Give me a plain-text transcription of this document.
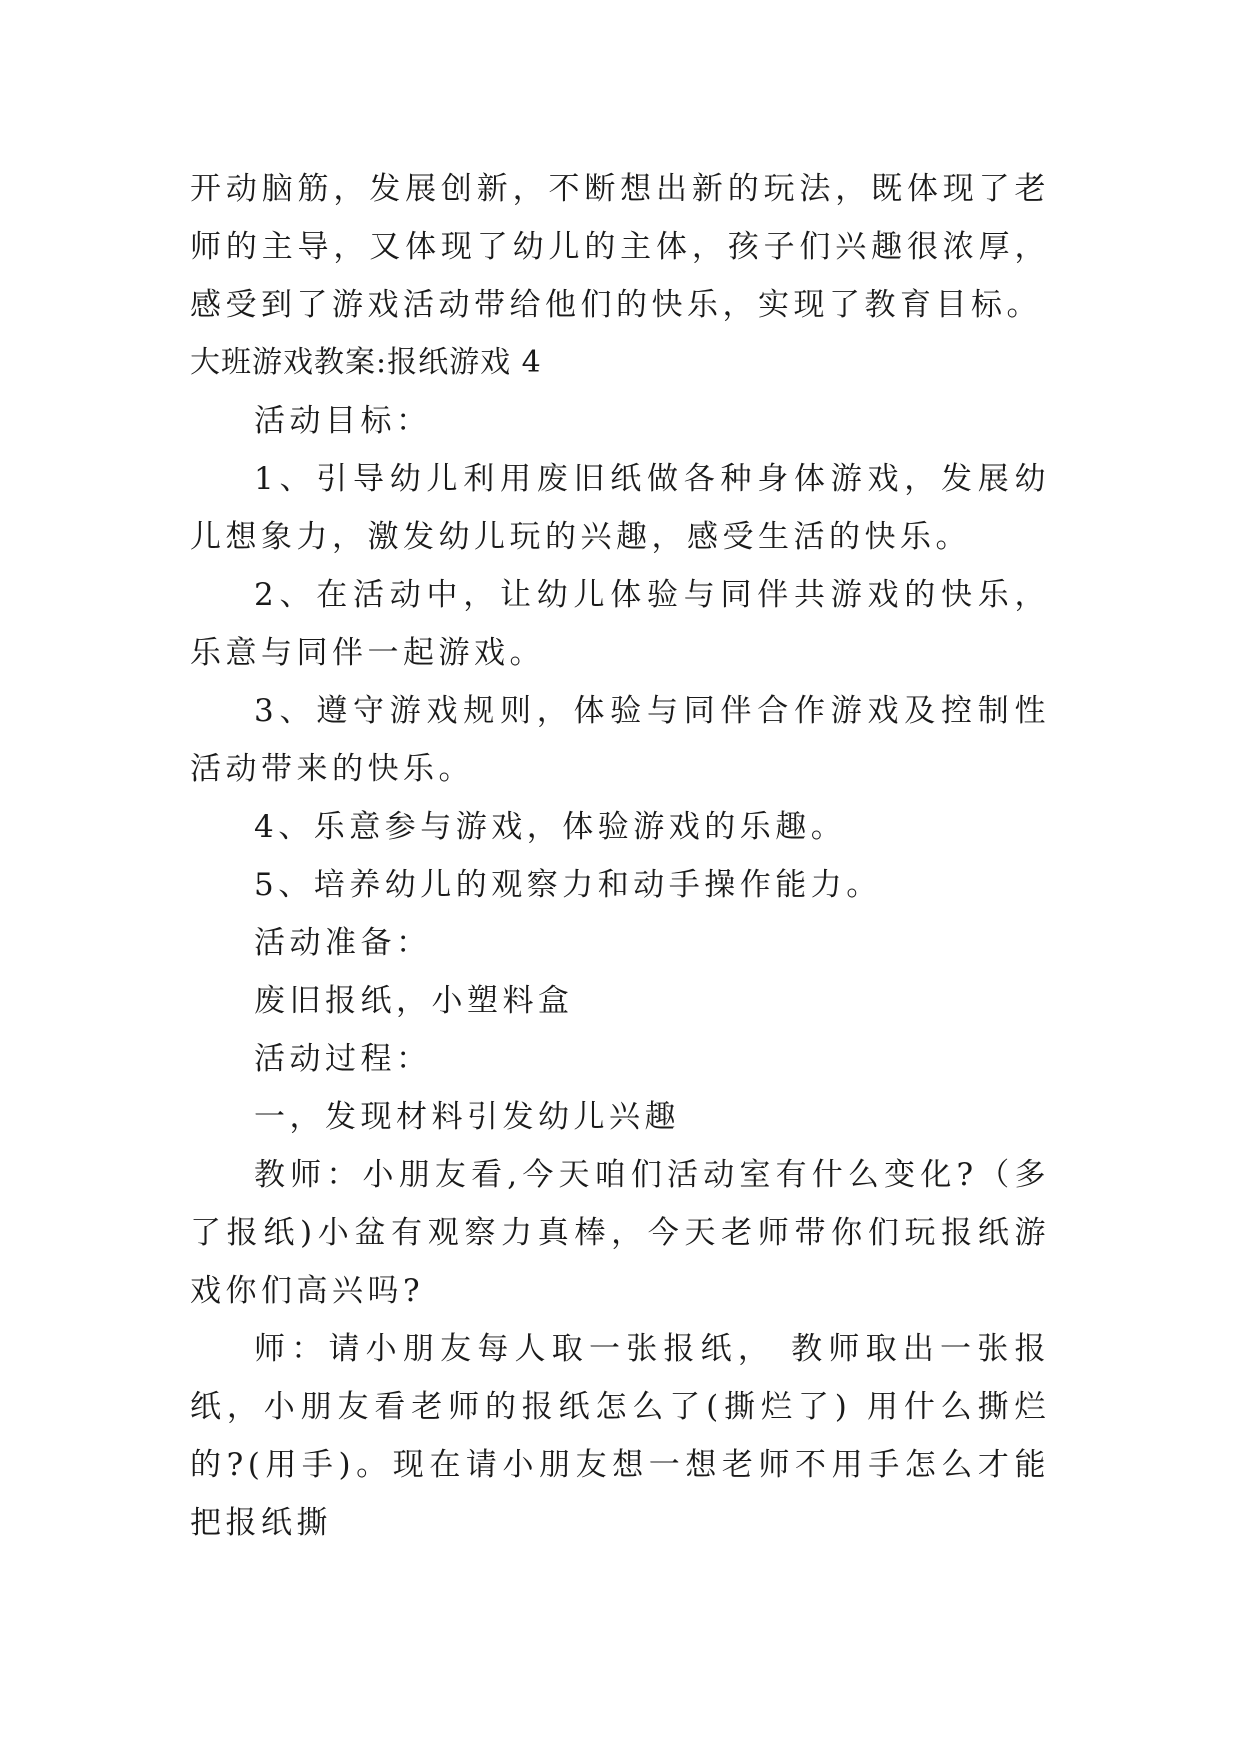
开动脑筋，发展创新，不断想出新的玩法，既体现了老师的主导，又体现了幼儿的主体，孩子们兴趣很浓厚，感受到了游戏活动带给他们的快乐，实现了教育目标。

大班游戏教案:报纸游戏 4

活动目标：

1、引导幼儿利用废旧纸做各种身体游戏，发展幼儿想象力，激发幼儿玩的兴趣，感受生活的快乐。

2、在活动中，让幼儿体验与同伴共游戏的快乐，乐意与同伴一起游戏。

3、遵守游戏规则，体验与同伴合作游戏及控制性活动带来的快乐。

4、乐意参与游戏，体验游戏的乐趣。

5、培养幼儿的观察力和动手操作能力。

活动准备：

废旧报纸，小塑料盒

活动过程：

一，发现材料引发幼儿兴趣

教师：小朋友看,今天咱们活动室有什么变化?（多了报纸)小盆有观察力真棒，今天老师带你们玩报纸游戏你们高兴吗?

师：请小朋友每人取一张报纸， 教师取出一张报纸，小朋友看老师的报纸怎么了(撕烂了) 用什么撕烂的?(用手)。现在请小朋友想一想老师不用手怎么才能把报纸撕
